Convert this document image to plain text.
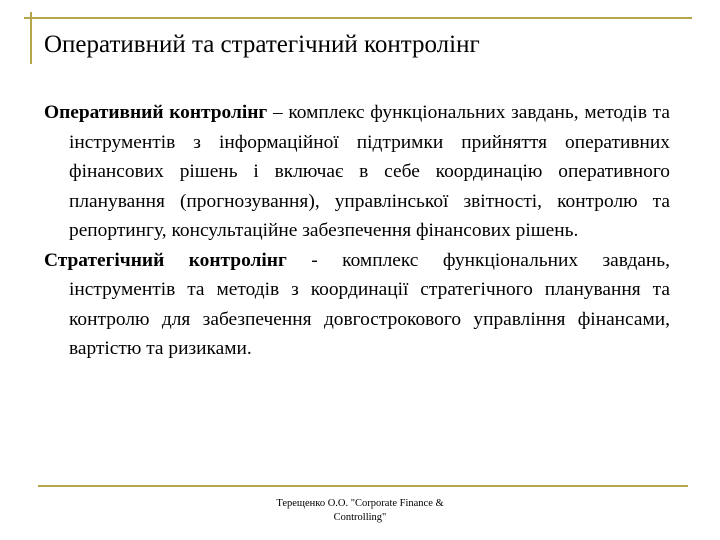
Оперативний та стратегічний контролінг

Оперативний контролінг – комплекс функціональних завдань, методів та інструментів з інформаційної підтримки прийняття оперативних фінансових рішень і включає в себе координацію оперативного планування (прогнозування), управлінської звітності, контролю та репортингу, консультаційне забезпечення фінансових рішень.

Стратегічний контролінг - комплекс функціональних завдань, інструментів та методів з координації стратегічного планування та контролю для забезпечення довгострокового управління фінансами, вартістю та ризиками.

Терещенко О.О. "Corporate Finance &
Controlling"
